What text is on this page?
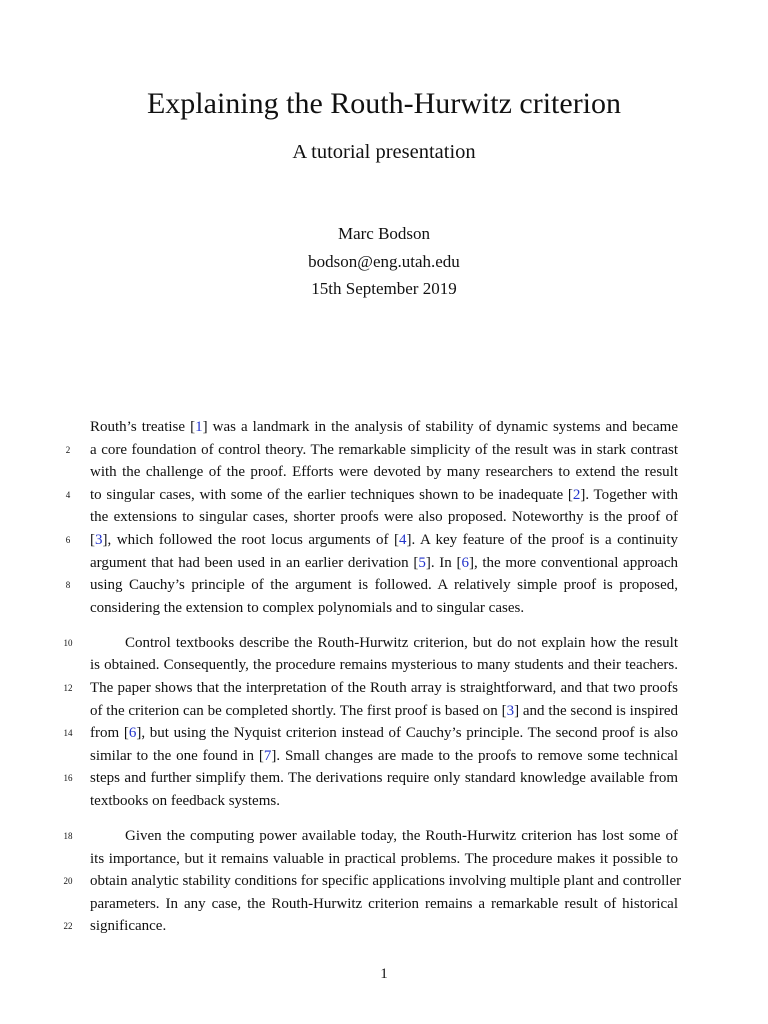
Explaining the Routh-Hurwitz criterion
A tutorial presentation
Marc Bodson
bodson@eng.utah.edu
15th September 2019
Routh’s treatise [1] was a landmark in the analysis of stability of dynamic systems and became
a core foundation of control theory. The remarkable simplicity of the result was in stark contrast
with the challenge of the proof. Efforts were devoted by many researchers to extend the result
to singular cases, with some of the earlier techniques shown to be inadequate [2]. Together with
the extensions to singular cases, shorter proofs were also proposed. Noteworthy is the proof of
[3], which followed the root locus arguments of [4]. A key feature of the proof is a continuity
argument that had been used in an earlier derivation [5]. In [6], the more conventional approach
using Cauchy’s principle of the argument is followed. A relatively simple proof is proposed,
considering the extension to complex polynomials and to singular cases.
2
4
6
8
Control textbooks describe the Routh-Hurwitz criterion, but do not explain how the result
is obtained. Consequently, the procedure remains mysterious to many students and their teachers.
The paper shows that the interpretation of the Routh array is straightforward, and that two proofs
of the criterion can be completed shortly. The first proof is based on [3] and the second is inspired
from [6], but using the Nyquist criterion instead of Cauchy’s principle. The second proof is also
similar to the one found in [7]. Small changes are made to the proofs to remove some technical
steps and further simplify them. The derivations require only standard knowledge available from
textbooks on feedback systems.
10
12
14
16
Given the computing power available today, the Routh-Hurwitz criterion has lost some of
its importance, but it remains valuable in practical problems. The procedure makes it possible to
obtain analytic stability conditions for specific applications involving multiple plant and controller
parameters. In any case, the Routh-Hurwitz criterion remains a remarkable result of historical
significance.
18
20
22
1
